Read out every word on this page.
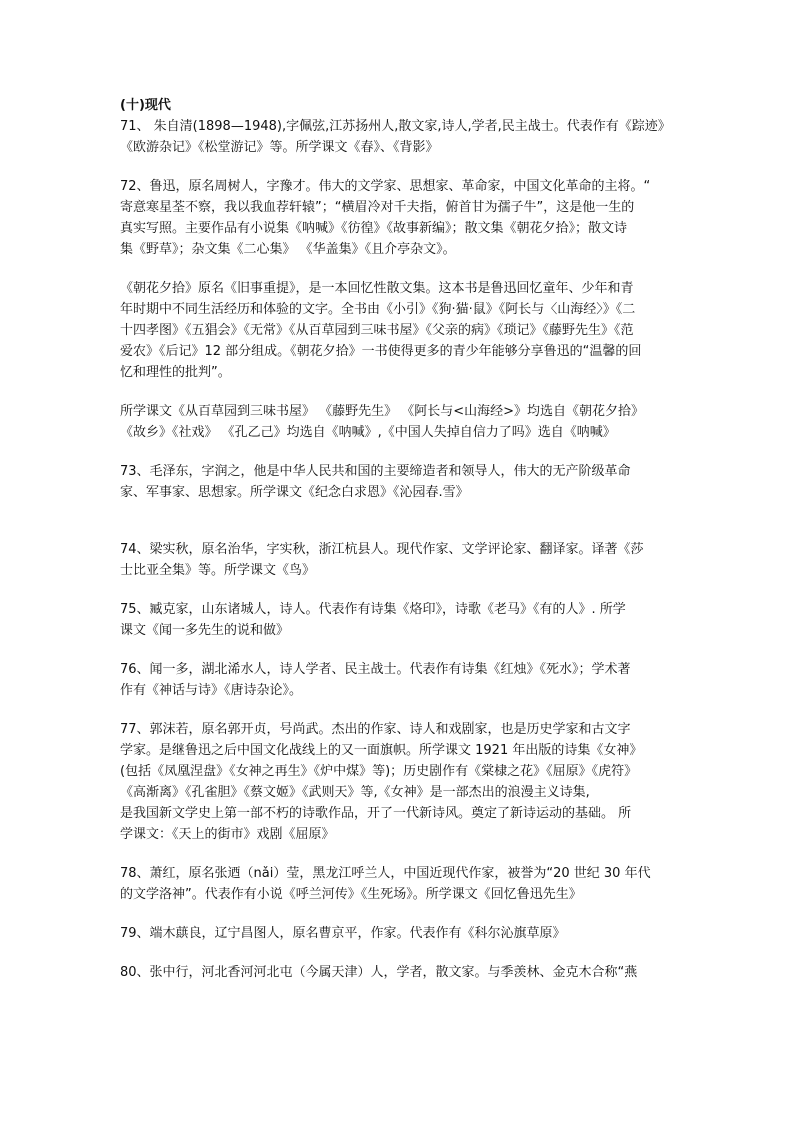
(十)现代
71、 朱自清(1898—1948),字佩弦,江苏扬州人,散文家,诗人,学者,民主战士。代表作有《踪迹》
《欧游杂记》《松堂游记》等。所学课文《春》、《背影》
72、鲁迅，原名周树人，字豫才。伟大的文学家、思想家、革命家，中国文化革命的主将。“
寄意寒星荃不察，我以我血荐轩辕”；“横眉冷对千夫指，俯首甘为孺子牛”，这是他一生的
真实写照。主要作品有小说集《呐喊》《彷徨》《故事新编》；散文集《朝花夕拾》；散文诗
集《野草》；杂文集《二心集》 《华盖集》《且介亭杂文》。
《朝花夕拾》原名《旧事重提》，是一本回忆性散文集。这本书是鲁迅回忆童年、少年和青
年时期中不同生活经历和体验的文字。全书由《小引》《狗·猫·鼠》《阿长与〈山海经〉》《二
十四孝图》《五猖会》《无常》《从百草园到三味书屋》《父亲的病》《琐记》《藤野先生》《范
爱农》《后记》12 部分组成。《朝花夕拾》一书使得更多的青少年能够分享鲁迅的“温馨的回
忆和理性的批判”。
所学课文《从百草园到三味书屋》 《藤野先生》 《阿长与<山海经>》均选自《朝花夕拾》
《故乡》《社戏》 《孔乙己》均选自《呐喊》,《中国人失掉自信力了吗》选自《呐喊》
73、毛泽东，字润之，他是中华人民共和国的主要缔造者和领导人，伟大的无产阶级革命
家、军事家、思想家。所学课文《纪念白求恩》《沁园春.雪》
74、梁实秋，原名治华，字实秋，浙江杭县人。现代作家、文学评论家、翻译家。译著《莎
士比亚全集》等。所学课文《鸟》
75、臧克家，山东诸城人，诗人。代表作有诗集《烙印》，诗歌《老马》《有的人》. 所学
课文《闻一多先生的说和做》
76、闻一多，湖北浠水人，诗人学者、民主战士。代表作有诗集《红烛》《死水》；学术著
作有《神话与诗》《唐诗杂论》。
77、郭沫若，原名郭开贞，号尚武。杰出的作家、诗人和戏剧家，也是历史学家和古文字
学家。是继鲁迅之后中国文化战线上的又一面旗帜。所学课文 1921 年出版的诗集《女神》
(包括《凤凰涅盘》《女神之再生》《炉中煤》等)；历史剧作有《棠棣之花》《屈原》《虎符》
《高渐离》《孔雀胆》《蔡文姬》《武则天》等,《女神》是一部杰出的浪漫主义诗集,
是我国新文学史上第一部不朽的诗歌作品，开了一代新诗风。奠定了新诗运动的基础。 所
学课文：《天上的街市》戏剧《屈原》
78、萧红，原名张迺（nǎi）莹，黑龙江呼兰人，中国近现代作家，被誉为“20 世纪 30 年代
的文学洛神”。代表作有小说《呼兰河传》《生死场》。所学课文《回忆鲁迅先生》
79、端木蕻良，辽宁昌图人，原名曹京平，作家。代表作有《科尔沁旗草原》
80、张中行，河北香河河北屯（今属天津）人，学者，散文家。与季羡林、金克木合称“燕
